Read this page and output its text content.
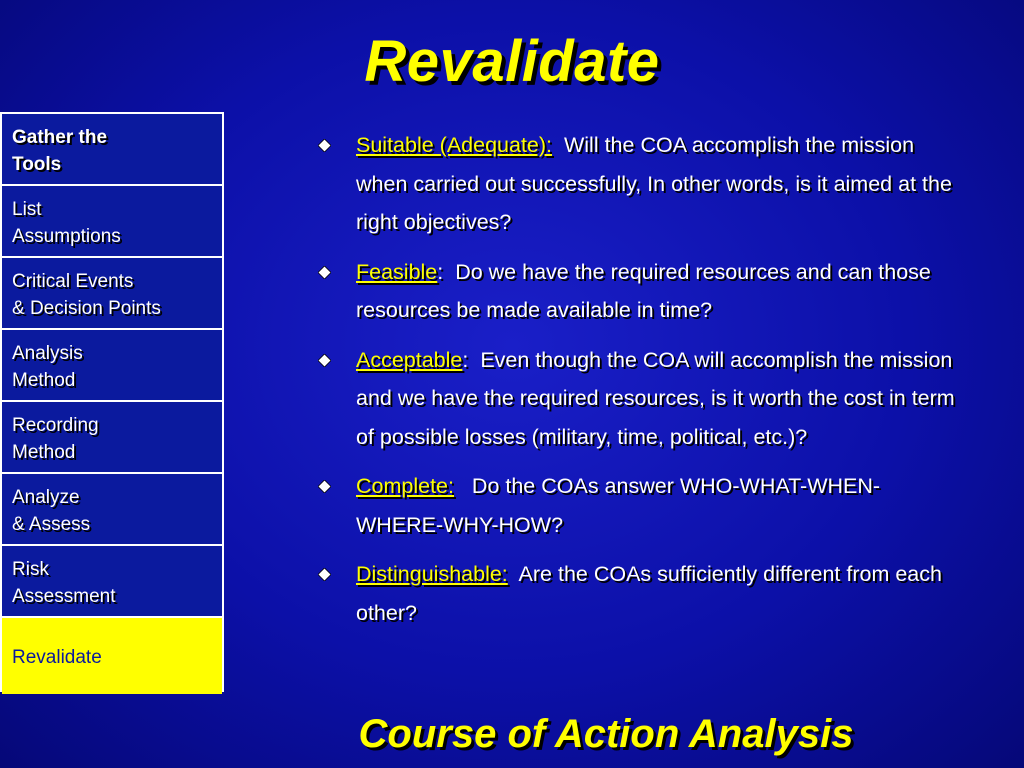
Revalidate
Gather the
Tools
List
Assumptions
Critical Events
& Decision Points
Analysis
Method
Recording
Method
Analyze
& Assess
Risk
Assessment
Revalidate
Suitable (Adequate): Will the COA accomplish the mission when carried out successfully, In other words, is it aimed at the right objectives?
Feasible: Do we have the required resources and can those resources be made available in time?
Acceptable: Even though the COA will accomplish the mission and we have the required resources, is it worth the cost in term of possible losses (military, time, political, etc.)?
Complete: Do the COAs answer WHO-WHAT-WHEN-WHERE-WHY-HOW?
Distinguishable: Are the COAs sufficiently different from each other?
Course of Action Analysis
